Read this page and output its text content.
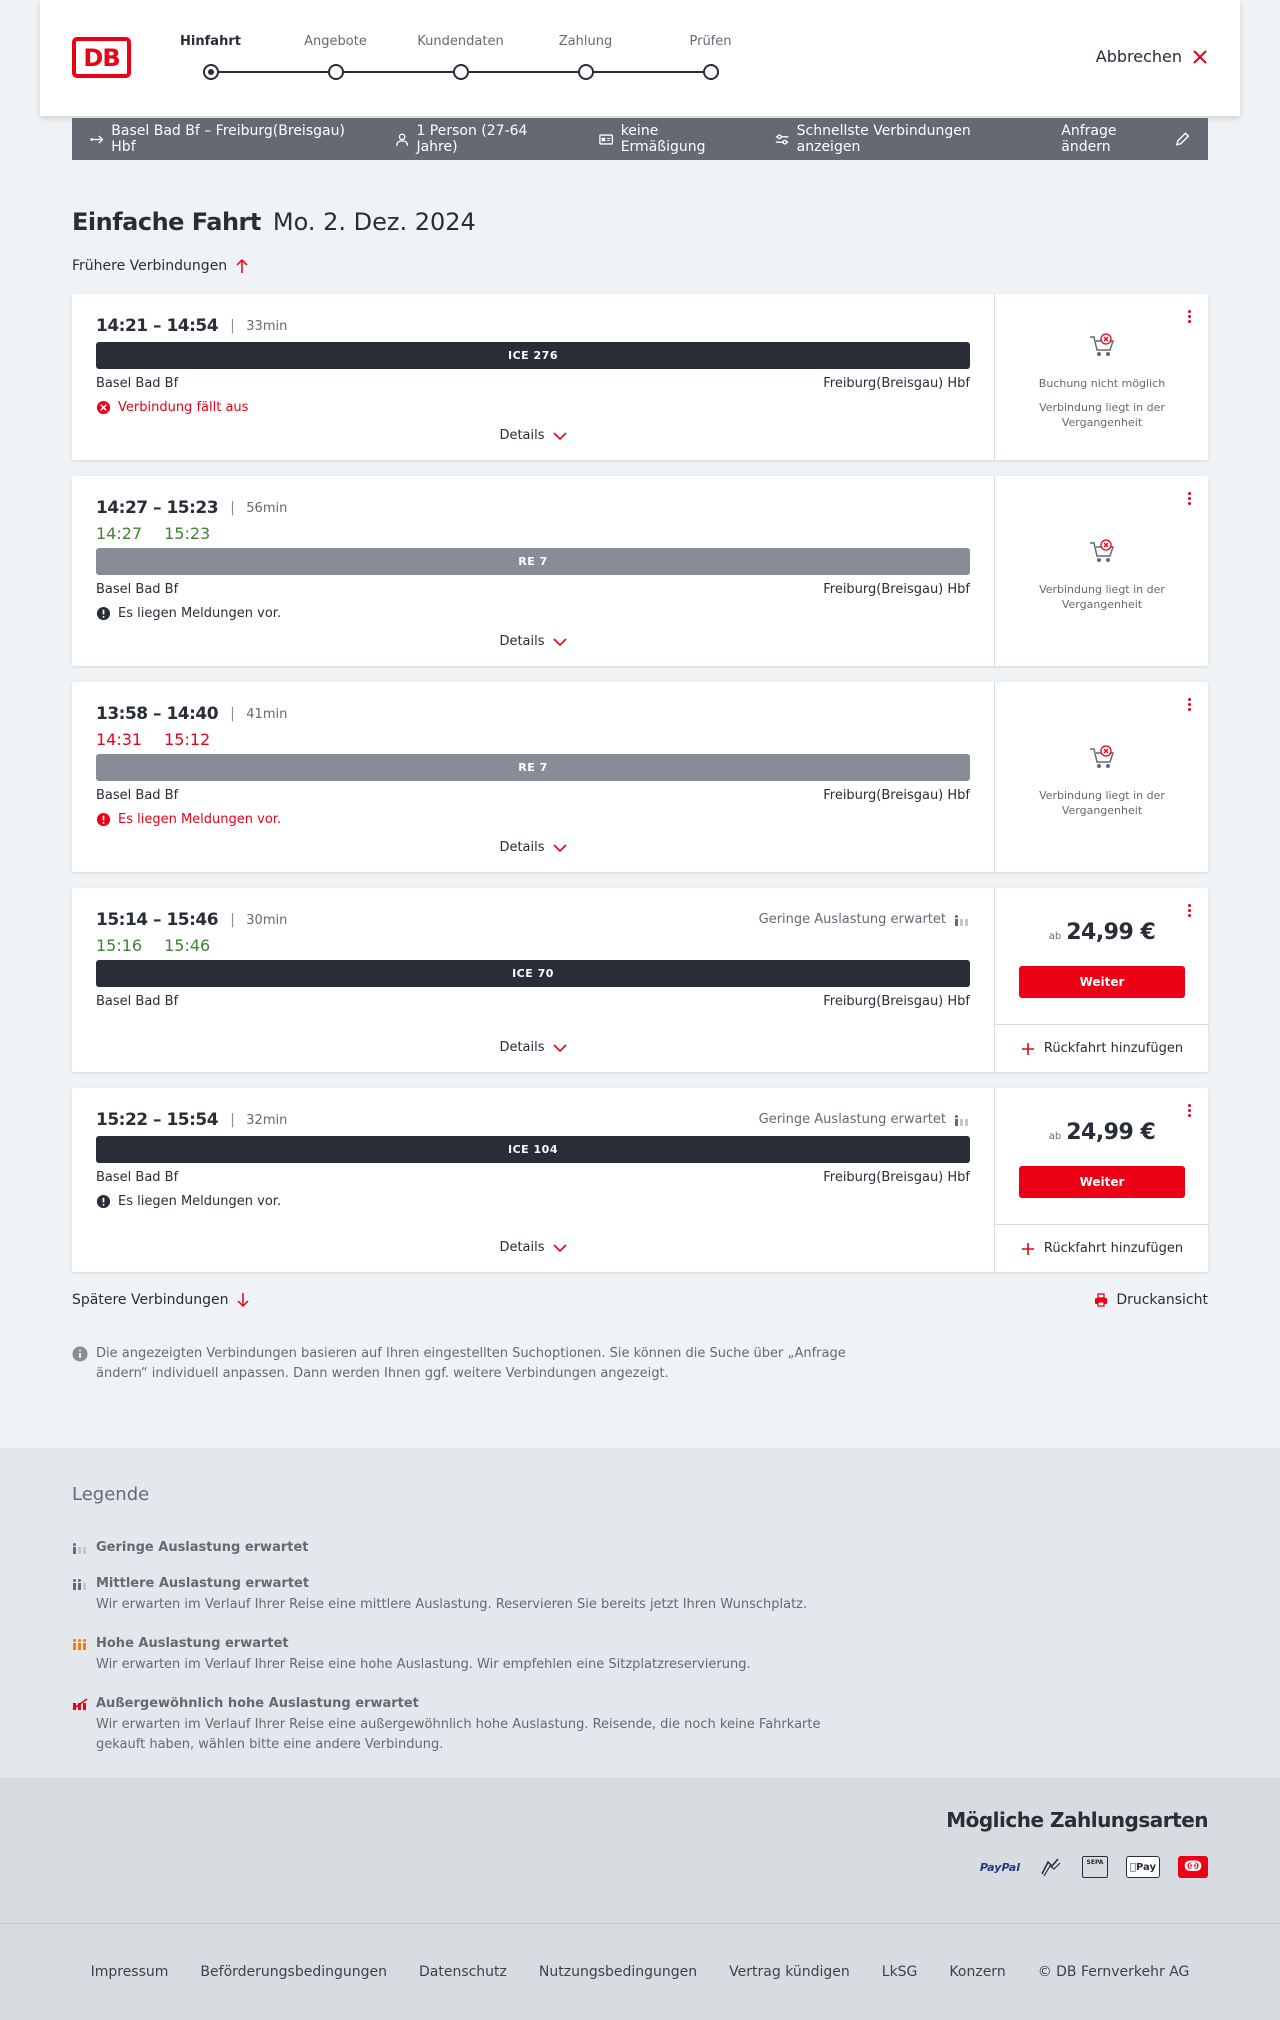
DB
Hinfahrt	Angebote	Kundendaten	Zahlung	Prüfen
Abbrechen
Basel Bad Bf – Freiburg(Breisgau) Hbf
1 Person (27-64 Jahre)
keine Ermäßigung
Schnellste Verbindungen anzeigen
Anfrage ändern
Einfache Fahrt Mo. 2. Dez. 2024
Frühere Verbindungen
14:21 – 14:54 | 33min
ICE 276
Basel Bad Bf	Freiburg(Breisgau) Hbf
Verbindung fällt aus
Details
Buchung nicht möglich
Verbindung liegt in der Vergangenheit
14:27 – 15:23 | 56min
14:27 15:23
RE 7
Basel Bad Bf	Freiburg(Breisgau) Hbf
Es liegen Meldungen vor.
Details
Verbindung liegt in der Vergangenheit
13:58 – 14:40 | 41min
14:31 15:12
RE 7
Basel Bad Bf	Freiburg(Breisgau) Hbf
Es liegen Meldungen vor.
Details
Verbindung liegt in der Vergangenheit
15:14 – 15:46 | 30min	Geringe Auslastung erwartet
15:16 15:46
ICE 70
Basel Bad Bf	Freiburg(Breisgau) Hbf
Details
ab 24,99 €
Weiter
Rückfahrt hinzufügen
15:22 – 15:54 | 32min	Geringe Auslastung erwartet
ICE 104
Basel Bad Bf	Freiburg(Breisgau) Hbf
Es liegen Meldungen vor.
Details
ab 24,99 €
Weiter
Rückfahrt hinzufügen
Spätere Verbindungen	Druckansicht
Die angezeigten Verbindungen basieren auf Ihren eingestellten Suchoptionen. Sie können die Suche über „Anfrage ändern“ individuell anpassen. Dann werden Ihnen ggf. weitere Verbindungen angezeigt.
Legende
Geringe Auslastung erwartet
Mittlere Auslastung erwartet
Wir erwarten im Verlauf Ihrer Reise eine mittlere Auslastung. Reservieren Sie bereits jetzt Ihren Wunschplatz.
Hohe Auslastung erwartet
Wir erwarten im Verlauf Ihrer Reise eine hohe Auslastung. Wir empfehlen eine Sitzplatzreservierung.
Außergewöhnlich hohe Auslastung erwartet
Wir erwarten im Verlauf Ihrer Reise eine außergewöhnlich hohe Auslastung. Reisende, die noch keine Fahrkarte gekauft haben, wählen bitte eine andere Verbindung.
Mögliche Zahlungsarten
PayPal	SEPA	Pay	ↂ
Impressum Beförderungsbedingungen Datenschutz Nutzungsbedingungen Vertrag kündigen LkSG Konzern © DB Fernverkehr AG
